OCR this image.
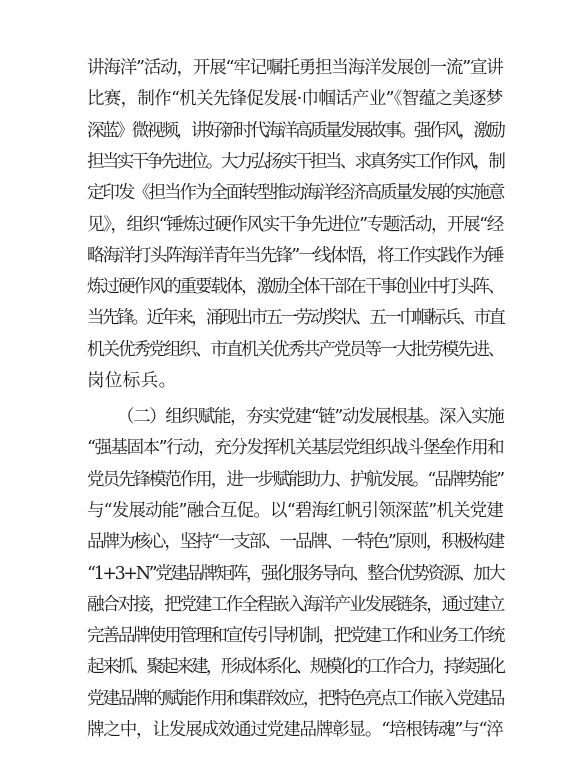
讲海洋”活动，开展“牢记嘱托勇担当海洋发展创一流”宣讲
比赛，制作“机关先锋促发展·巾帼话产业”《智蕴之美逐梦
深蓝》微视频，讲好新时代海洋高质量发展故事。强作风，激励
担当实干争先进位。大力弘扬实干担当、求真务实工作作风，制
定印发《担当作为全面转型推动海洋经济高质量发展的实施意
见》，组织“锤炼过硬作风实干争先进位”专题活动，开展“经
略海洋打头阵海洋青年当先锋”一线体悟，将工作实践作为锤
炼过硬作风的重要载体，激励全体干部在干事创业中打头阵、
当先锋。近年来，涌现出市五一劳动奖状、五一巾帼标兵、市直
机关优秀党组织、市直机关优秀共产党员等一大批劳模先进、
岗位标兵。
（二）组织赋能，夯实党建“链”动发展根基。深入实施
“强基固本”行动，充分发挥机关基层党组织战斗堡垒作用和
党员先锋模范作用，进一步赋能助力、护航发展。“品牌势能”
与“发展动能”融合互促。以“碧海红帆引领深蓝”机关党建
品牌为核心，坚持“一支部、一品牌、一特色”原则，积极构建
“1+3+N”党建品牌矩阵，强化服务导向、整合优势资源、加大
融合对接，把党建工作全程嵌入海洋产业发展链条，通过建立
完善品牌使用管理和宣传引导机制，把党建工作和业务工作统
起来抓、聚起来建，形成体系化、规模化的工作合力，持续强化
党建品牌的赋能作用和集群效应，把特色亮点工作嵌入党建品
牌之中，让发展成效通过党建品牌彰显。“培根铸魂”与“淬
